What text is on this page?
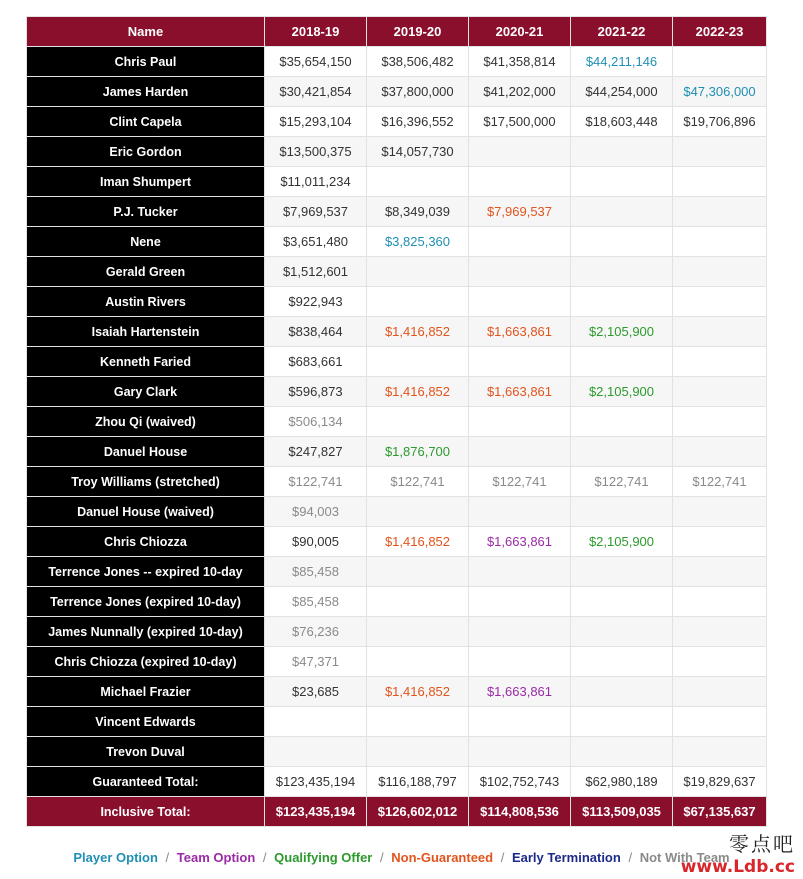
Name	2018-19	2019-20	2020-21	2021-22	2022-23
Chris Paul	$35,654,150	$38,506,482	$41,358,814	$44,211,146	
James Harden	$30,421,854	$37,800,000	$41,202,000	$44,254,000	$47,306,000
Clint Capela	$15,293,104	$16,396,552	$17,500,000	$18,603,448	$19,706,896
Eric Gordon	$13,500,375	$14,057,730			
Iman Shumpert	$11,011,234				
P.J. Tucker	$7,969,537	$8,349,039	$7,969,537		
Nene	$3,651,480	$3,825,360			
Gerald Green	$1,512,601				
Austin Rivers	$922,943				
Isaiah Hartenstein	$838,464	$1,416,852	$1,663,861	$2,105,900	
Kenneth Faried	$683,661				
Gary Clark	$596,873	$1,416,852	$1,663,861	$2,105,900	
Zhou Qi (waived)	$506,134				
Danuel House	$247,827	$1,876,700			
Troy Williams (stretched)	$122,741	$122,741	$122,741	$122,741	$122,741
Danuel House (waived)	$94,003				
Chris Chiozza	$90,005	$1,416,852	$1,663,861	$2,105,900	
Terrence Jones -- expired 10-day	$85,458				
Terrence Jones (expired 10-day)	$85,458				
James Nunnally (expired 10-day)	$76,236				
Chris Chiozza (expired 10-day)	$47,371				
Michael Frazier	$23,685	$1,416,852	$1,663,861		
Vincent Edwards					
Trevon Duval					
Guaranteed Total:	$123,435,194	$116,188,797	$102,752,743	$62,980,189	$19,829,637
Inclusive Total:	$123,435,194	$126,602,012	$114,808,536	$113,509,035	$67,135,637
Player Option / Team Option / Qualifying Offer / Non-Guaranteed / Early Termination / Not With Team
零点吧
www.Ldb.cc
